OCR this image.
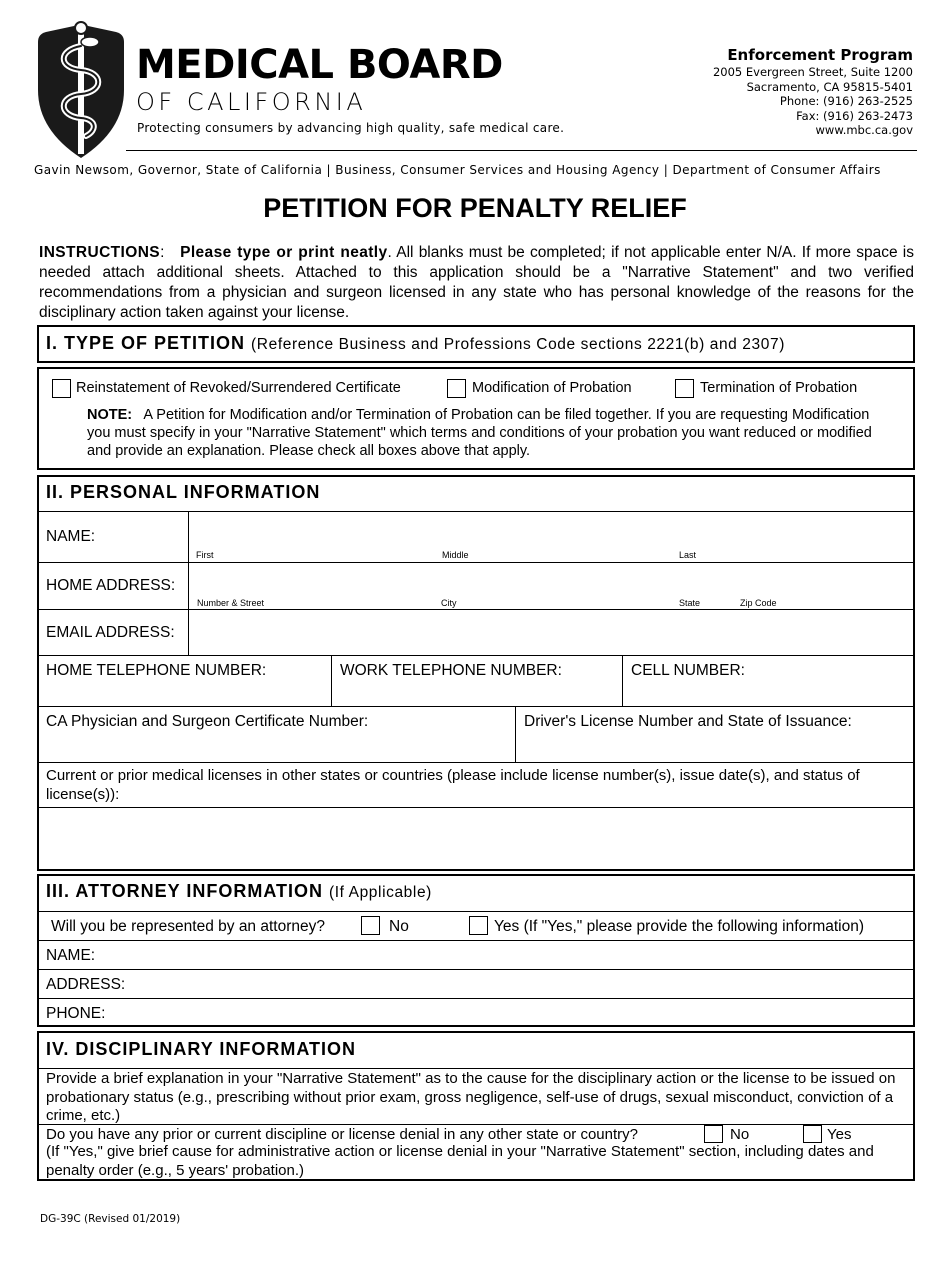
MEDICAL BOARD
OF CALIFORNIA
Protecting consumers by advancing high quality, safe medical care.
Enforcement Program
2005 Evergreen Street, Suite 1200
Sacramento, CA 95815-5401
Phone: (916) 263-2525
Fax: (916) 263-2473
www.mbc.ca.gov
Gavin Newsom, Governor, State of California | Business, Consumer Services and Housing Agency | Department of Consumer Affairs
PETITION FOR PENALTY RELIEF
INSTRUCTIONS:   Please type or print neatly. All blanks must be completed; if not applicable enter N/A. If more space is needed attach additional sheets. Attached to this application should be a "Narrative Statement" and two verified recommendations from a physician and surgeon licensed in any state who has personal knowledge of the reasons for the disciplinary action taken against your license.
I. TYPE OF PETITION (Reference Business and Professions Code sections 2221(b) and 2307)
Reinstatement of Revoked/Surrendered Certificate	Modification of Probation	Termination of Probation
NOTE: A Petition for Modification and/or Termination of Probation can be filed together. If you are requesting Modification you must specify in your "Narrative Statement" which terms and conditions of your probation you want reduced or modified and provide an explanation. Please check all boxes above that apply.
II. PERSONAL INFORMATION
NAME:
First	Middle	Last
HOME ADDRESS:
Number & Street	City	State	Zip Code
EMAIL ADDRESS:
HOME TELEPHONE NUMBER:	WORK TELEPHONE NUMBER:	CELL NUMBER:
CA Physician and Surgeon Certificate Number:	Driver's License Number and State of Issuance:
Current or prior medical licenses in other states or countries (please include license number(s), issue date(s), and status of license(s)):
III. ATTORNEY INFORMATION (If Applicable)
Will you be represented by an attorney?	No	Yes (If "Yes," please provide the following information)
NAME:
ADDRESS:
PHONE:
IV. DISCIPLINARY INFORMATION
Provide a brief explanation in your "Narrative Statement" as to the cause for the disciplinary action or the license to be issued on probationary status (e.g., prescribing without prior exam, gross negligence, self-use of drugs, sexual misconduct, conviction of a crime, etc.)
Do you have any prior or current discipline or license denial in any other state or country?	No	Yes
(If "Yes," give brief cause for administrative action or license denial in your "Narrative Statement" section, including dates and penalty order (e.g., 5 years' probation.)
DG-39C (Revised 01/2019)
